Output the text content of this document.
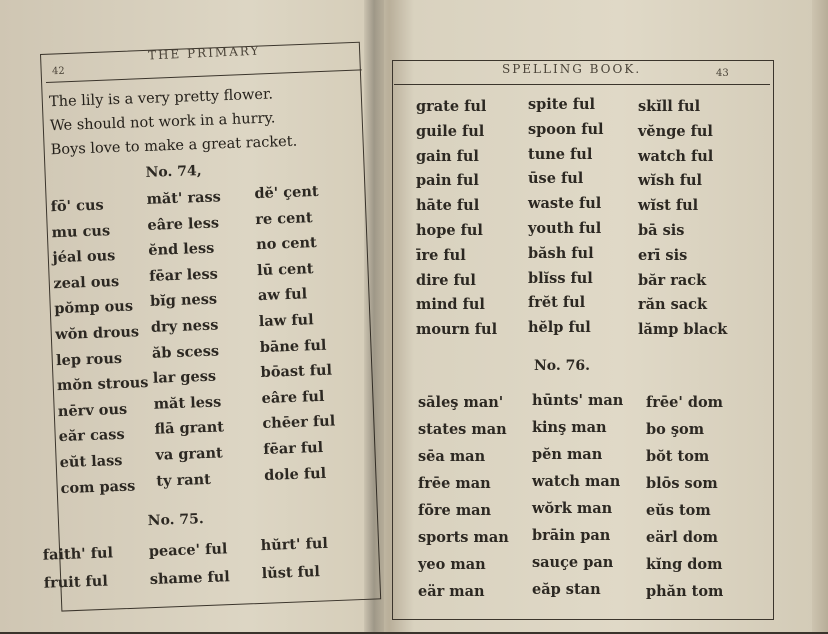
42
THE PRIMARY
The lily is a very pretty flower.
We should not work in a hurry.
Boys love to make a great racket.
No. 74,
fō' cus
mu cus
jéal ous
zeal ous
pŏmp ous
wŏn drous
lep rous
mŏn strous
nērv ous
eăr cass
eŭt lass
com pass
măt' rass
eâre less
ĕnd less
fēar less
bĭg ness
dry ness
ăb scess
lar gess
măt less
flā grant
va grant
ty rant
dĕ' çent
re cent
no cent
lū cent
aw ful
law ful
bāne ful
bōast ful
eâre ful
chēer ful
fēar ful
dole ful
No. 75.
faith' ful
fruit ful
peace' ful
shame ful
hŭrt' ful
lŭst ful
SPELLING BOOK.	43
grate ful
guile ful
gain ful
pain ful
hāte ful
hope ful
īre ful
dire ful
mind ful
mourn ful
spite ful
spoon ful
tune ful
ūse ful
waste ful
youth ful
băsh ful
blĭss ful
frĕt ful
hĕlp ful
skĭll ful
vĕnge ful
watch ful
wĭsh ful
wĭst ful
bā sis
erī sis
băr rack
răn sack
lămp black
No. 76.
sāleş man'
states man
sēa man
frēe man
fōre man
sports man
yeo man
eär man
hūnts' man
kinş man
pĕn man
watch man
wŏrk man
brāin pan
sauçe pan
eăp stan
frēe' dom
bo şom
bŏt tom
blōs som
eŭs tom
eärl dom
kĭng dom
phăn tom
